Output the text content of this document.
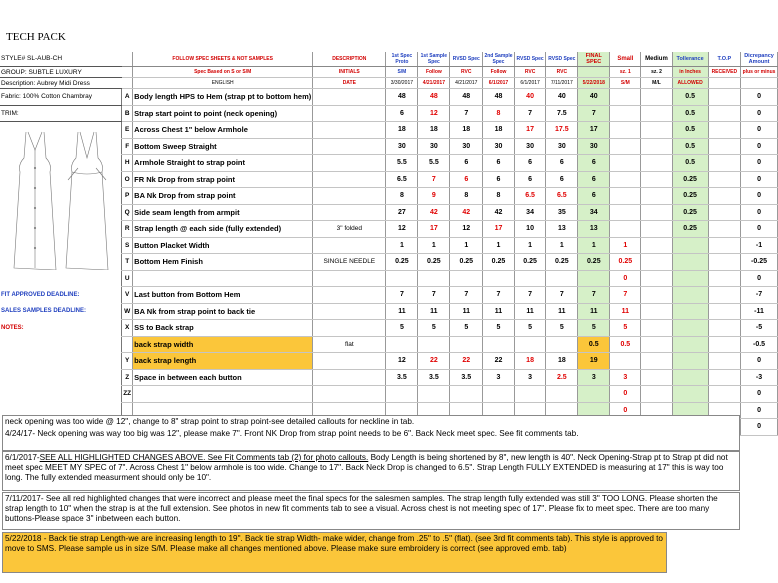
TECH PACK
STYLE# SL-AUB-CH		FOLLOW SPEC SHEETS & NOT SAMPLES	DESCRIPTION	1st Spec Proto	1st Sample Spec	RVSD Spec	2nd Sample Spec	RVSD Spec	RVSD Spec	FINAL SPEC	Small	Medium	Tollerance	T.O.P	Dicrepancy Amount
GROUP: SUBTLE LUXURY		Spec Based on S or S/M	INITIALS	S/M	Follow	RVC	Follow	RVC	RVC		sz. 1	sz. 2	in Inches	RECEIVED	plus or minus
Description: Aubrey Midi Dress		ENGLISH	DATE	3/30/2017	4/21/2017	4/21/2017	6/1/2017	6/1/2017	7/11/2017	5/22/2018	S/M	M/L	ALLOWED		
Fabric: 100% Cotton Chambray	A	Body length HPS to Hem (strap pt to bottom hem)		48	48	48	48	40	40	40			0.5		0
TRIM:	B	Strap start point to point (neck opening)		6	12	7	8	7	7.5	7			0.5		0

	E	Across Chest 1" below Armhole		18	18	18	18	17	17.5	17			0.5		0
	F	Bottom Sweep Straight		30	30	30	30	30	30	30			0.5		0
	H	Armhole Straight to strap point		5.5	5.5	6	6	6	6	6			0.5		0
	O	FR Nk Drop from strap point		6.5	7	6	6	6	6	6			0.25		0
	P	BA Nk Drop from strap point		8	9	8	8	6.5	6.5	6			0.25		0
	Q	Side seam length from armpit		27	42	42	42	34	35	34			0.25		0
	R	Strap length @ each side (fully extended)	3" folded	12	17	12	17	10	13	13			0.25		0
	S	Button Placket Width		1	1	1	1	1	1	1	1				-1
	T	Bottom Hem Finish	SINGLE NEEDLE	0.25	0.25	0.25	0.25	0.25	0.25	0.25	0.25				-0.25
	U										0				0
FIT APPROVED DEADLINE:	V	Last button from Bottom Hem		7	7	7	7	7	7	7	7				-7
SALES SAMPLES DEADLINE:	W	BA Nk from strap point to back tie		11	11	11	11	11	11	11	11				-11
NOTES:	X	SS to Back strap		5	5	5	5	5	5	5	5				-5
		back strap width	flat							0.5	0.5				-0.5
	Y	back strap length		12	22	22	22	18	18	19					0
	Z	Space in between each button		3.5	3.5	3.5	3	3	2.5	3	3				-3
	ZZ										0				0
											0				0
															0
neck opening was too wide @ 12", change to 8" strap point to strap point-see detailed callouts for neckline in tab.
4/24/17- Neck opening was way too big was 12", please make 7". Front NK Drop from strap point needs to be 6". Back Neck meet spec. See fit comments tab.
6/1/2017-SEE ALL HIGHLIGHTED CHANGES ABOVE. See Fit Comments tab (2) for photo callouts. Body Length is being shortened by 8", new length is 40". Neck Opening-Strap pt to Strap pt did not meet spec MEET MY SPEC of 7". Across Chest 1" below armhole is too wide. Change to 17". Back Neck Drop is changed to 6.5". Strap Length FULLY EXTENDED is measuring at 17" this is way too long. The fully extended measurment should only be 10".
7/11/2017- See all red highlighted changes that were incorrect and please meet the final specs for the salesmen samples. The strap length fully extended was still 3" TOO LONG. Please shorten the strap length to 10" when the strap is at the full extension. See photos in new fit comments tab to see a visual. Across chest is not meeting spec of 17". Please fix to meet spec. There are too many buttons-Please space 3" inbetween each button.
5/22/2018 - Back tie strap Length-we are increasing length to 19". Back tie strap Width- make wider, change from .25" to .5" (flat). (see 3rd fit comments tab). This style is approved to move to SMS. Please sample us in size S/M. Please make all changes mentioned above. Please make sure embroidery is correct (see approved emb. tab)
